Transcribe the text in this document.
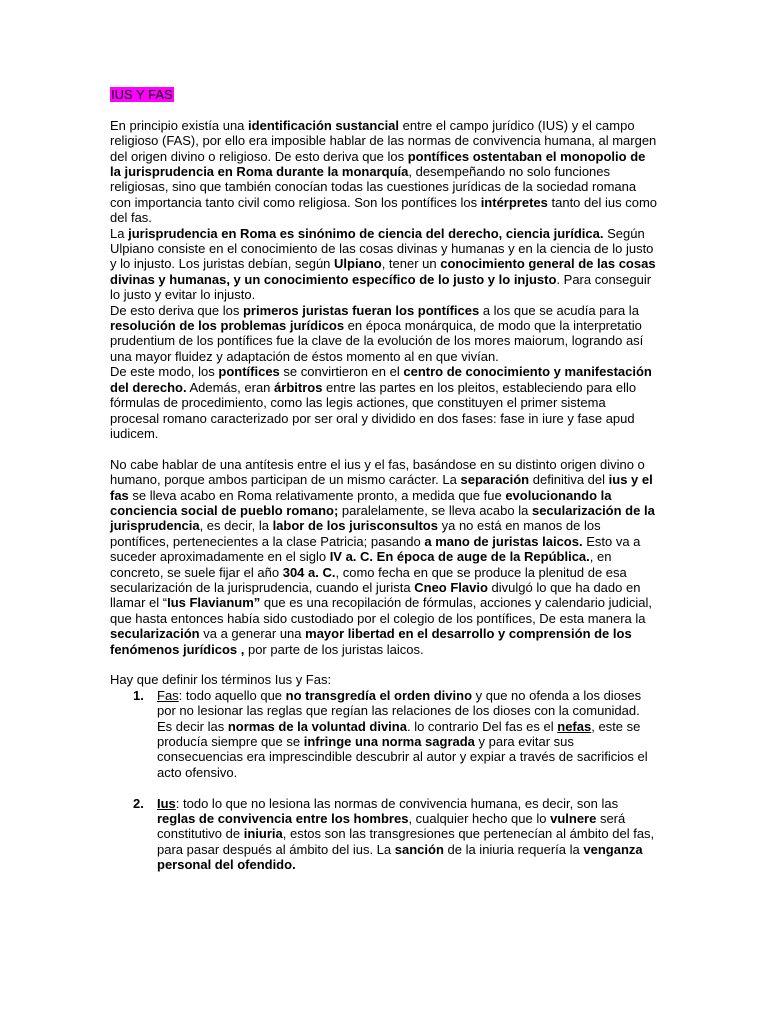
IUS Y FAS

En principio existía una identificación sustancial entre el campo jurídico (IUS) y el campo religioso (FAS), por ello era imposible hablar de las normas de convivencia humana, al margen del origen divino o religioso. De esto deriva que los pontífices ostentaban el monopolio de la jurisprudencia en Roma durante la monarquía, desempeñando no solo funciones religiosas, sino que también conocían todas las cuestiones jurídicas de la sociedad romana con importancia tanto civil como religiosa. Son los pontífices los intérpretes tanto del ius como del fas.

La jurisprudencia en Roma es sinónimo de ciencia del derecho, ciencia jurídica. Según Ulpiano consiste en el conocimiento de las cosas divinas y humanas y en la ciencia de lo justo y lo injusto. Los juristas debían, según Ulpiano, tener un conocimiento general de las cosas divinas y humanas, y un conocimiento específico de lo justo y lo injusto. Para conseguir lo justo y evitar lo injusto.

De esto deriva que los primeros juristas fueran los pontífices a los que se acudía para la resolución de los problemas jurídicos en época monárquica, de modo que la interpretatio prudentium de los pontífices fue la clave de la evolución de los mores maiorum, logrando así una mayor fluidez y adaptación de éstos momento al en que vivían.

De este modo, los pontífices se convirtieron en el centro de conocimiento y manifestación del derecho. Además, eran árbitros entre las partes en los pleitos, estableciendo para ello fórmulas de procedimiento, como las legis actiones, que constituyen el primer sistema procesal romano caracterizado por ser oral y dividido en dos fases: fase in iure y fase apud iudicem.

No cabe hablar de una antítesis entre el ius y el fas, basándose en su distinto origen divino o humano, porque ambos participan de un mismo carácter. La separación definitiva del ius y el fas se lleva acabo en Roma relativamente pronto, a medida que fue evolucionando la conciencia social de pueblo romano; paralelamente, se lleva acabo la secularización de la jurisprudencia, es decir, la labor de los jurisconsultos ya no está en manos de los pontífices, pertenecientes a la clase Patricia; pasando a mano de juristas laicos. Esto va a suceder aproximadamente en el siglo IV a. C. En época de auge de la República., en concreto, se suele fijar el año 304 a. C., como fecha en que se produce la plenitud de esa secularización de la jurisprudencia, cuando el jurista Cneo Flavio divulgó lo que ha dado en llamar el “Ius Flavianum” que es una recopilación de fórmulas, acciones y calendario judicial, que hasta entonces había sido custodiado por el colegio de los pontífices, De esta manera la secularización va a generar una mayor libertad en el desarrollo y comprensión de los fenómenos jurídicos , por parte de los juristas laicos.

Hay que definir los términos Ius y Fas:

1. Fas: todo aquello que no transgredía el orden divino y que no ofenda a los dioses por no lesionar las reglas que regían las relaciones de los dioses con la comunidad. Es decir las normas de la voluntad divina. lo contrario Del fas es el nefas, este se producía siempre que se infringe una norma sagrada y para evitar sus consecuencias era imprescindible descubrir al autor y expiar a través de sacrificios el acto ofensivo.
2. Ius: todo lo que no lesiona las normas de convivencia humana, es decir, son las reglas de convivencia entre los hombres, cualquier hecho que lo vulnere será constitutivo de iniuria, estos son las transgresiones que pertenecían al ámbito del fas, para pasar después al ámbito del ius. La sanción de la iniuria requería la venganza personal del ofendido.
